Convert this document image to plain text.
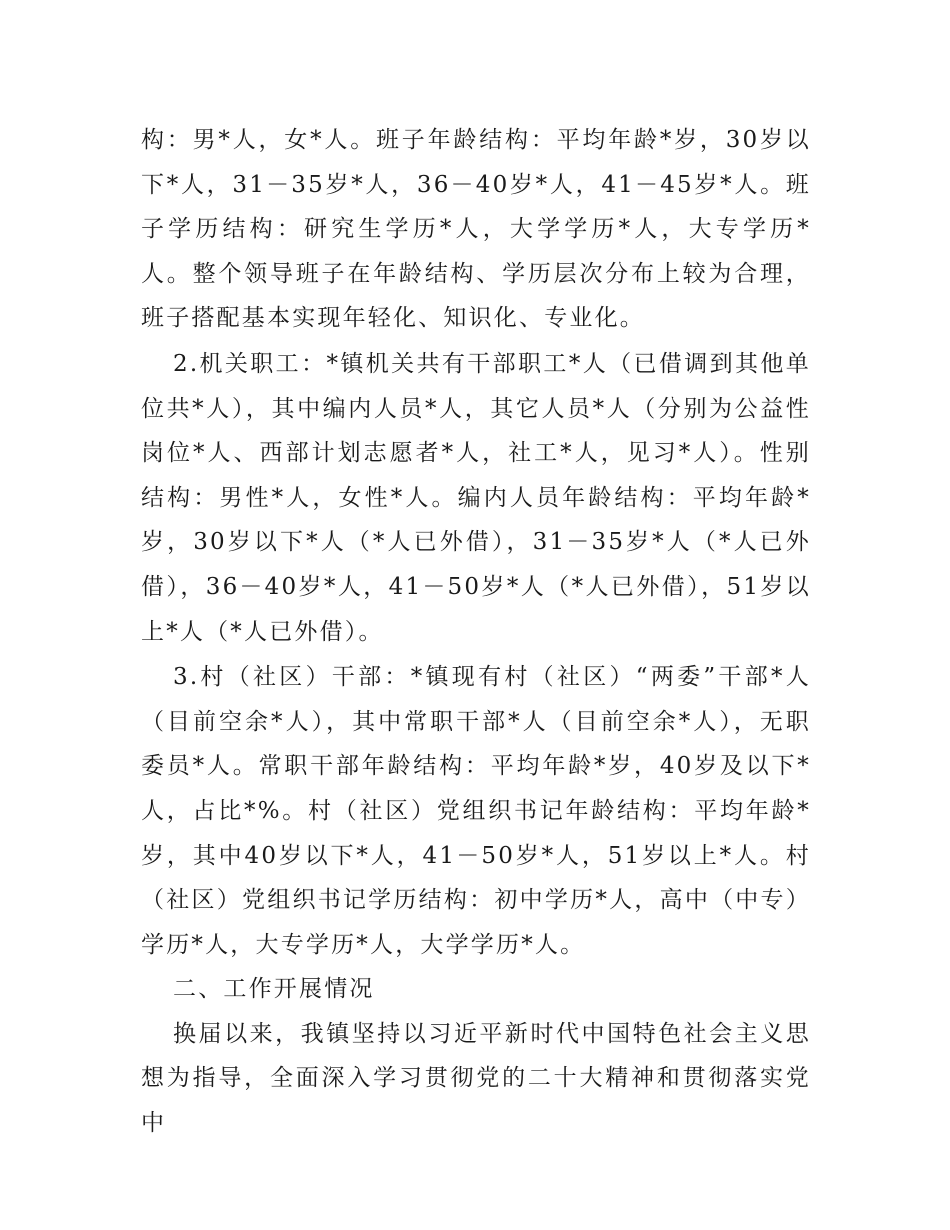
构：男*人，女*人。班子年龄结构：平均年龄*岁，30岁以下*人，31－35岁*人，36－40岁*人，41－45岁*人。班子学历结构：研究生学历*人，大学学历*人，大专学历*人。整个领导班子在年龄结构、学历层次分布上较为合理，班子搭配基本实现年轻化、知识化、专业化。

2.机关职工：*镇机关共有干部职工*人（已借调到其他单位共*人），其中编内人员*人，其它人员*人（分别为公益性岗位*人、西部计划志愿者*人，社工*人，见习*人）。性别结构：男性*人，女性*人。编内人员年龄结构：平均年龄*岁，30岁以下*人（*人已外借），31－35岁*人（*人已外借），36－40岁*人，41－50岁*人（*人已外借），51岁以上*人（*人已外借）。

3.村（社区）干部：*镇现有村（社区）“两委”干部*人（目前空余*人），其中常职干部*人（目前空余*人），无职委员*人。常职干部年龄结构：平均年龄*岁，40岁及以下*人，占比*%。村（社区）党组织书记年龄结构：平均年龄*岁，其中40岁以下*人，41－50岁*人，51岁以上*人。村（社区）党组织书记学历结构：初中学历*人，高中（中专）学历*人，大专学历*人，大学学历*人。

二、工作开展情况

换届以来，我镇坚持以习近平新时代中国特色社会主义思想为指导，全面深入学习贯彻党的二十大精神和贯彻落实党中
